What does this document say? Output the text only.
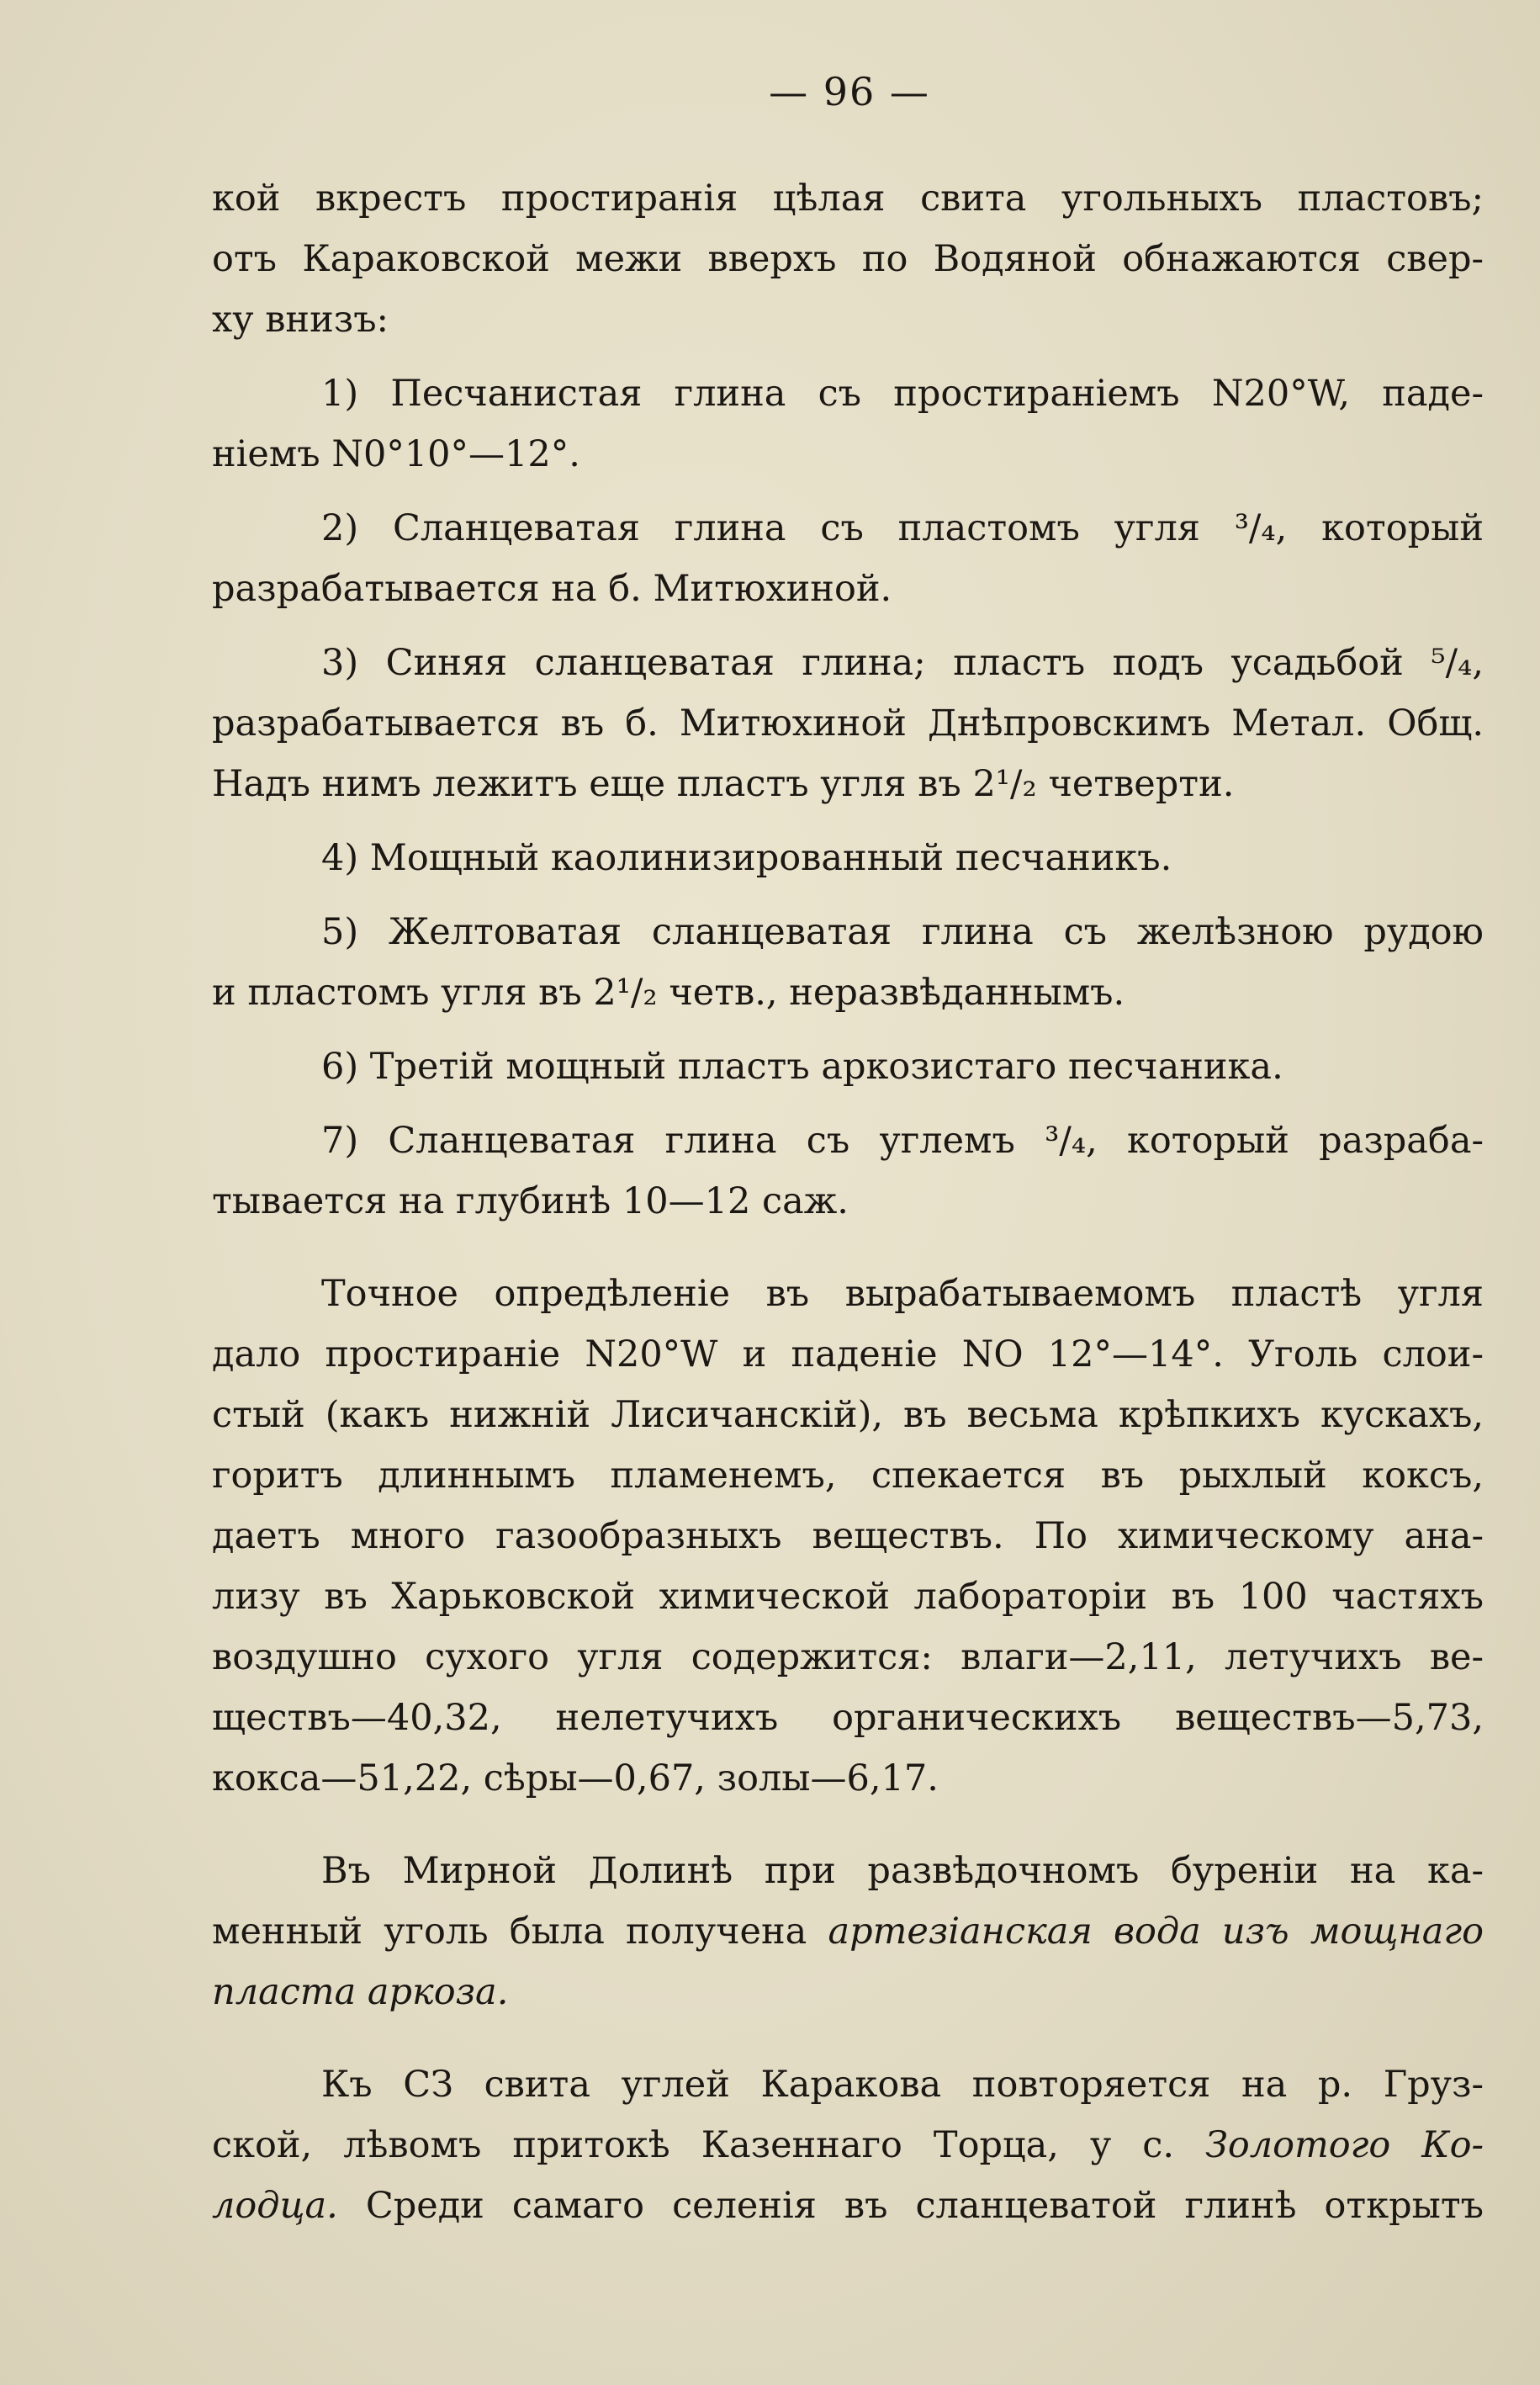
— 96 —
кой вкрестъ простиранія цѣлая свита угольныхъ пластовъ;
отъ Караковской межи вверхъ по Водяной обнажаются свер-
ху внизъ:
1) Песчанистая глина съ простираніемъ N20°W, паде-
ніемъ N0°10°—12°.
2) Сланцеватая глина съ пластомъ угля ³/₄, который
разрабатывается на б. Митюхиной.
3) Синяя сланцеватая глина; пластъ подъ усадьбой ⁵/₄,
разрабатывается въ б. Митюхиной Днѣпровскимъ Метал. Общ.
Надъ нимъ лежитъ еще пластъ угля въ 2¹/₂ четверти.
4) Мощный каолинизированный песчаникъ.
5) Желтоватая сланцеватая глина съ желѣзною рудою
и пластомъ угля въ 2¹/₂ четв., неразвѣданнымъ.
6) Третій мощный пластъ аркозистаго песчаника.
7) Сланцеватая глина съ углемъ ³/₄, который разраба-
тывается на глубинѣ 10—12 саж.
Точное опредѣленіе въ вырабатываемомъ пластѣ угля
дало простираніе N20°W и паденіе NO 12°—14°. Уголь слои-
стый (какъ нижній Лисичанскій), въ весьма крѣпкихъ кускахъ,
горитъ длиннымъ пламенемъ, спекается въ рыхлый коксъ,
даетъ много газообразныхъ веществъ. По химическому ана-
лизу въ Харьковской химической лабораторіи въ 100 частяхъ
воздушно сухого угля содержится: влаги—2,11, летучихъ ве-
ществъ—40,32, нелетучихъ органическихъ веществъ—5,73,
кокса—51,22, сѣры—0,67, золы—6,17.
Въ Мирной Долинѣ при развѣдочномъ буреніи на ка-
менный уголь была получена артезіанская вода изъ мощнаго
пласта аркоза.
Къ СЗ свита углей Каракова повторяется на р. Груз-
ской, лѣвомъ притокѣ Казеннаго Торца, у с. Золотого Ко-
лодца. Среди самаго селенія въ сланцеватой глинѣ открытъ
